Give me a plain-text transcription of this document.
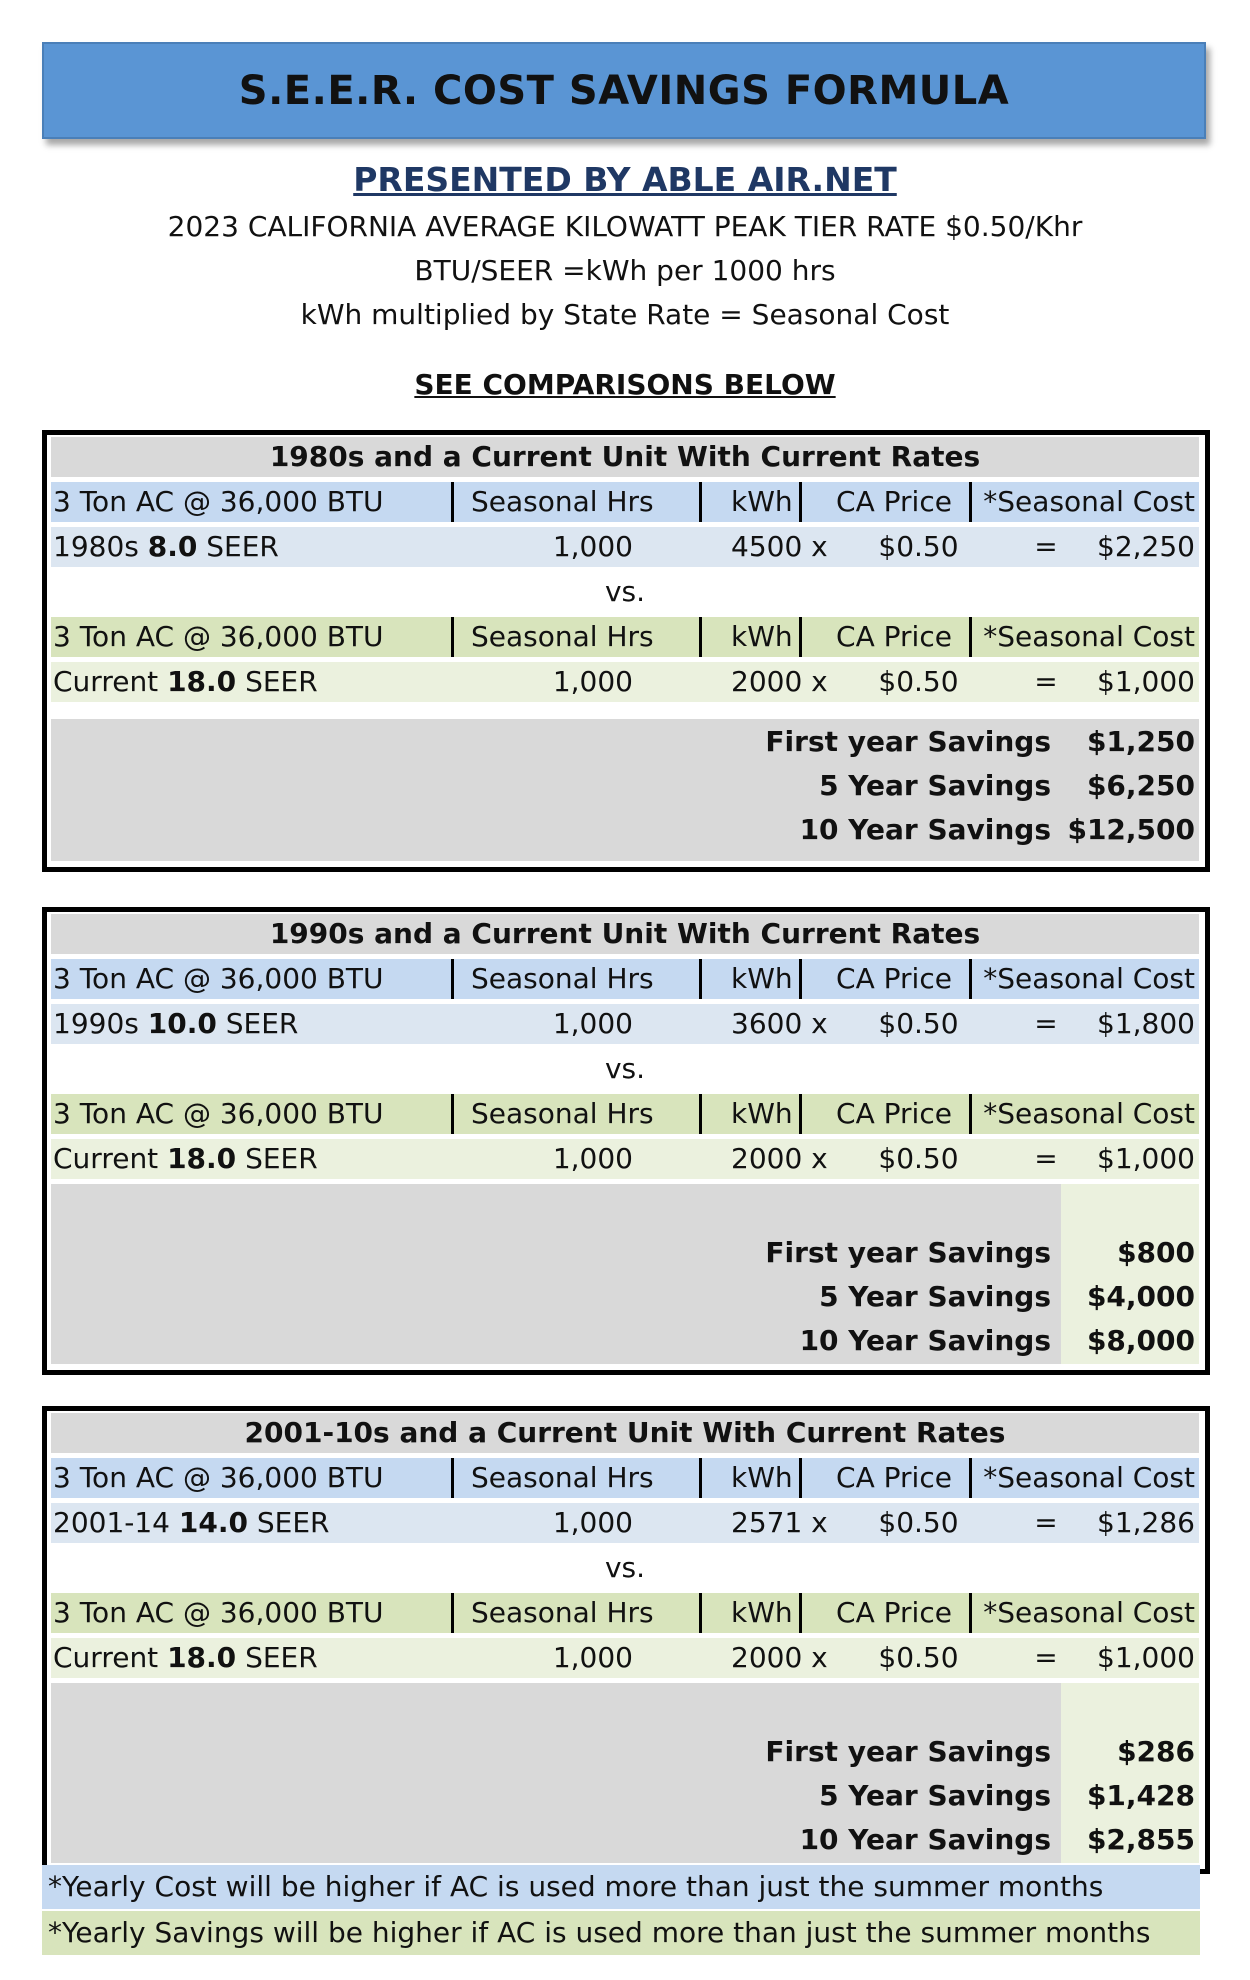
S.E.E.R. COST SAVINGS FORMULA
PRESENTED BY ABLE AIR.NET
2023 CALIFORNIA AVERAGE KILOWATT PEAK TIER RATE $0.50/Khr
BTU/SEER =kWh per 1000 hrs
kWh multiplied by State Rate = Seasonal Cost
SEE COMPARISONS BELOW
1980s and a Current Unit With Current Rates
3 Ton AC @ 36,000 BTU	Seasonal Hrs	kWh	CA Price	*Seasonal Cost
1980s 8.0 SEER	1,000	4500 x	$0.50	= $2,250
vs.
3 Ton AC @ 36,000 BTU	Seasonal Hrs	kWh	CA Price	*Seasonal Cost
Current 18.0 SEER	1,000	2000 x	$0.50	= $1,000
First year Savings $1,250
5 Year Savings $6,250
10 Year Savings $12,500
1990s and a Current Unit With Current Rates
3 Ton AC @ 36,000 BTU	Seasonal Hrs	kWh	CA Price	*Seasonal Cost
1990s 10.0 SEER	1,000	3600 x	$0.50	= $1,800
vs.
3 Ton AC @ 36,000 BTU	Seasonal Hrs	kWh	CA Price	*Seasonal Cost
Current 18.0 SEER	1,000	2000 x	$0.50	= $1,000
First year Savings $800
5 Year Savings $4,000
10 Year Savings $8,000
2001-10s and a Current Unit With Current Rates
3 Ton AC @ 36,000 BTU	Seasonal Hrs	kWh	CA Price	*Seasonal Cost
2001-14 14.0 SEER	1,000	2571 x	$0.50	= $1,286
vs.
3 Ton AC @ 36,000 BTU	Seasonal Hrs	kWh	CA Price	*Seasonal Cost
Current 18.0 SEER	1,000	2000 x	$0.50	= $1,000
First year Savings $286
5 Year Savings $1,428
10 Year Savings $2,855
*Yearly Cost will be higher if AC is used more than just the summer months
*Yearly Savings will be higher if AC is used more than just the summer months
